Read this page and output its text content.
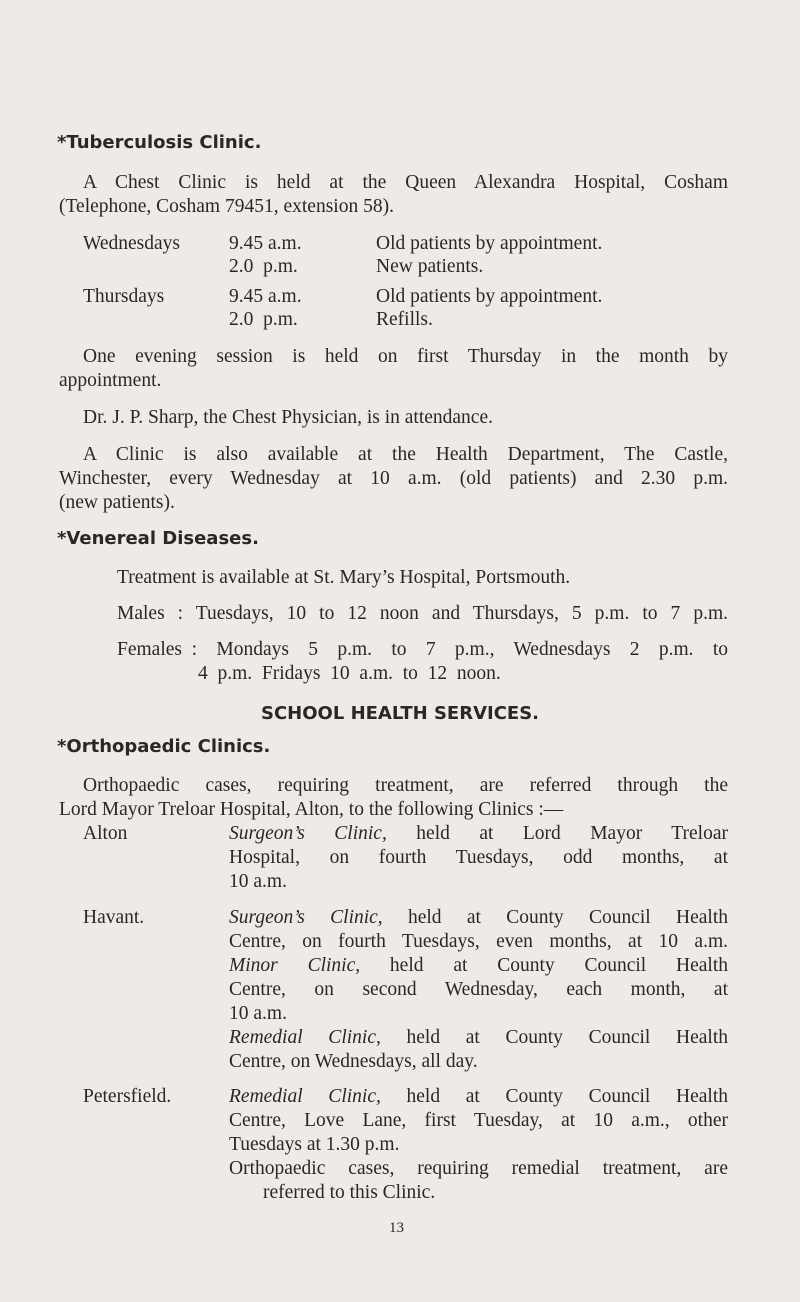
*Tuberculosis Clinic.
A Chest Clinic is held at the Queen Alexandra Hospital, Cosham
(Telephone, Cosham 79451, extension 58).
Wednesdays	9.45 a.m.	Old patients by appointment.
2.0  p.m.	New patients.
Thursdays	9.45 a.m.	Old patients by appointment.
2.0  p.m.	Refills.
One evening session is held on first Thursday in the month by
appointment.
Dr. J. P. Sharp, the Chest Physician, is in attendance.
A Clinic is also available at the Health Department, The Castle,
Winchester, every Wednesday at 10 a.m. (old patients) and 2.30 p.m.
(new patients).
*Venereal Diseases.
Treatment is available at St. Mary’s Hospital, Portsmouth.
Males : Tuesdays, 10 to 12 noon and Thursdays, 5 p.m. to 7 p.m.
Females :  Mondays  5  p.m.  to  7  p.m.,  Wednesdays  2  p.m.  to
4  p.m.  Fridays  10  a.m.  to  12  noon.
SCHOOL HEALTH SERVICES.
*Orthopaedic Clinics.
Orthopaedic cases, requiring treatment, are referred through the
Lord Mayor Treloar Hospital, Alton, to the following Clinics :—
Alton	Surgeon’s Clinic, held at Lord Mayor Treloar
Hospital, on fourth Tuesdays, odd months, at
10 a.m.
Havant.	Surgeon’s Clinic, held at County Council Health
Centre, on fourth Tuesdays, even months, at 10 a.m.
Minor Clinic, held at County Council Health
Centre, on second Wednesday, each month, at
10 a.m.
Remedial Clinic, held at County Council Health
Centre, on Wednesdays, all day.
Petersfield.	Remedial Clinic, held at County Council Health
Centre, Love Lane, first Tuesday, at 10 a.m., other
Tuesdays at 1.30 p.m.
Orthopaedic cases, requiring remedial treatment, are
referred to this Clinic.
13
